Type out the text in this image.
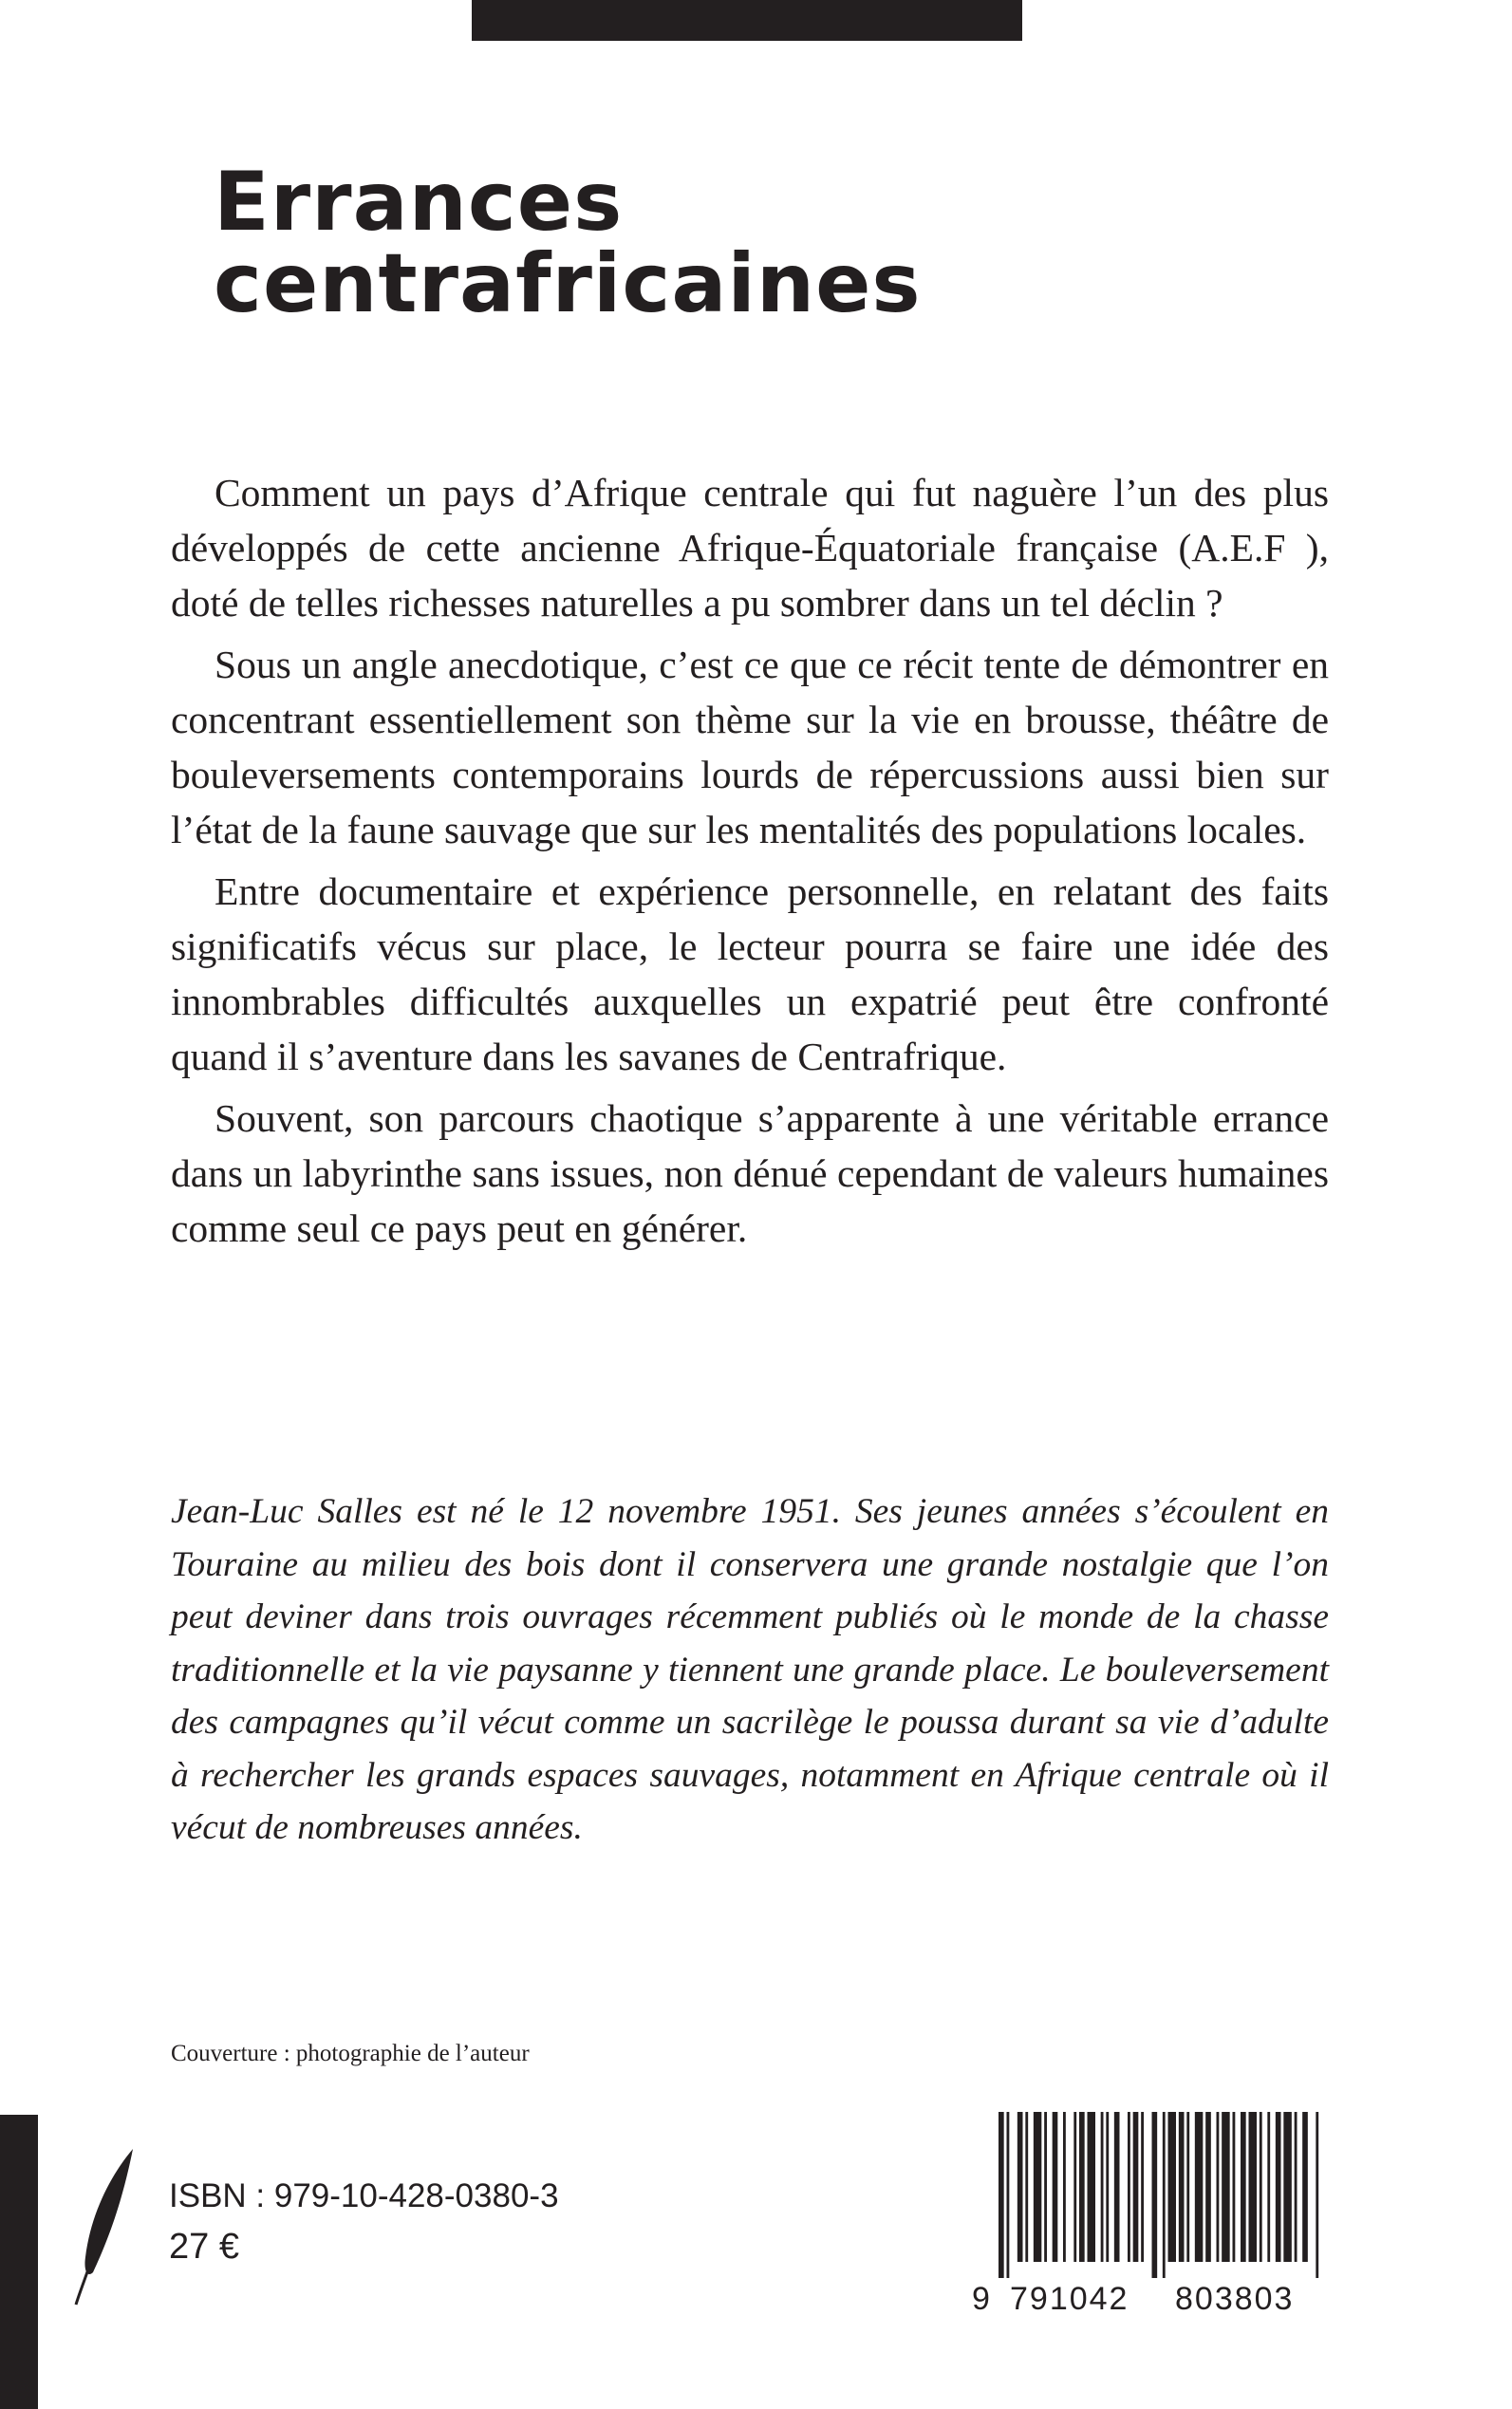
Errances centrafricaines

Comment un pays d’Afrique centrale qui fut naguère l’un des plus développés de cette ancienne Afrique-Équatoriale française (A.E.F ), doté de telles richesses naturelles a pu sombrer dans un tel déclin ?

Sous un angle anecdotique, c’est ce que ce récit tente de démontrer en concentrant essentiellement son thème sur la vie en brousse, théâtre de bouleversements contemporains lourds de répercussions aussi bien sur l’état de la faune sauvage que sur les mentalités des populations locales.

Entre documentaire et expérience personnelle, en relatant des faits significatifs vécus sur place, le lecteur pourra se faire une idée des innombrables difficultés auxquelles un expatrié peut être confronté quand il s’aventure dans les savanes de Centrafrique.

Souvent, son parcours chaotique s’apparente à une véritable errance dans un labyrinthe sans issues, non dénué cependant de valeurs humaines comme seul ce pays peut en générer.

Jean-Luc Salles est né le 12 novembre 1951. Ses jeunes années s’écoulent en Touraine au milieu des bois dont il conservera une grande nostalgie que l’on peut deviner dans trois ouvrages récemment publiés où le monde de la chasse traditionnelle et la vie paysanne y tiennent une grande place. Le bouleversement des campagnes qu’il vécut comme un sacrilège le poussa durant sa vie d’adulte à rechercher les grands espaces sauvages, notamment en Afrique centrale où il vécut de nombreuses années.

Couverture : photographie de l’auteur

ISBN : 979-10-428-0380-3

27 €

9 791042 803803
